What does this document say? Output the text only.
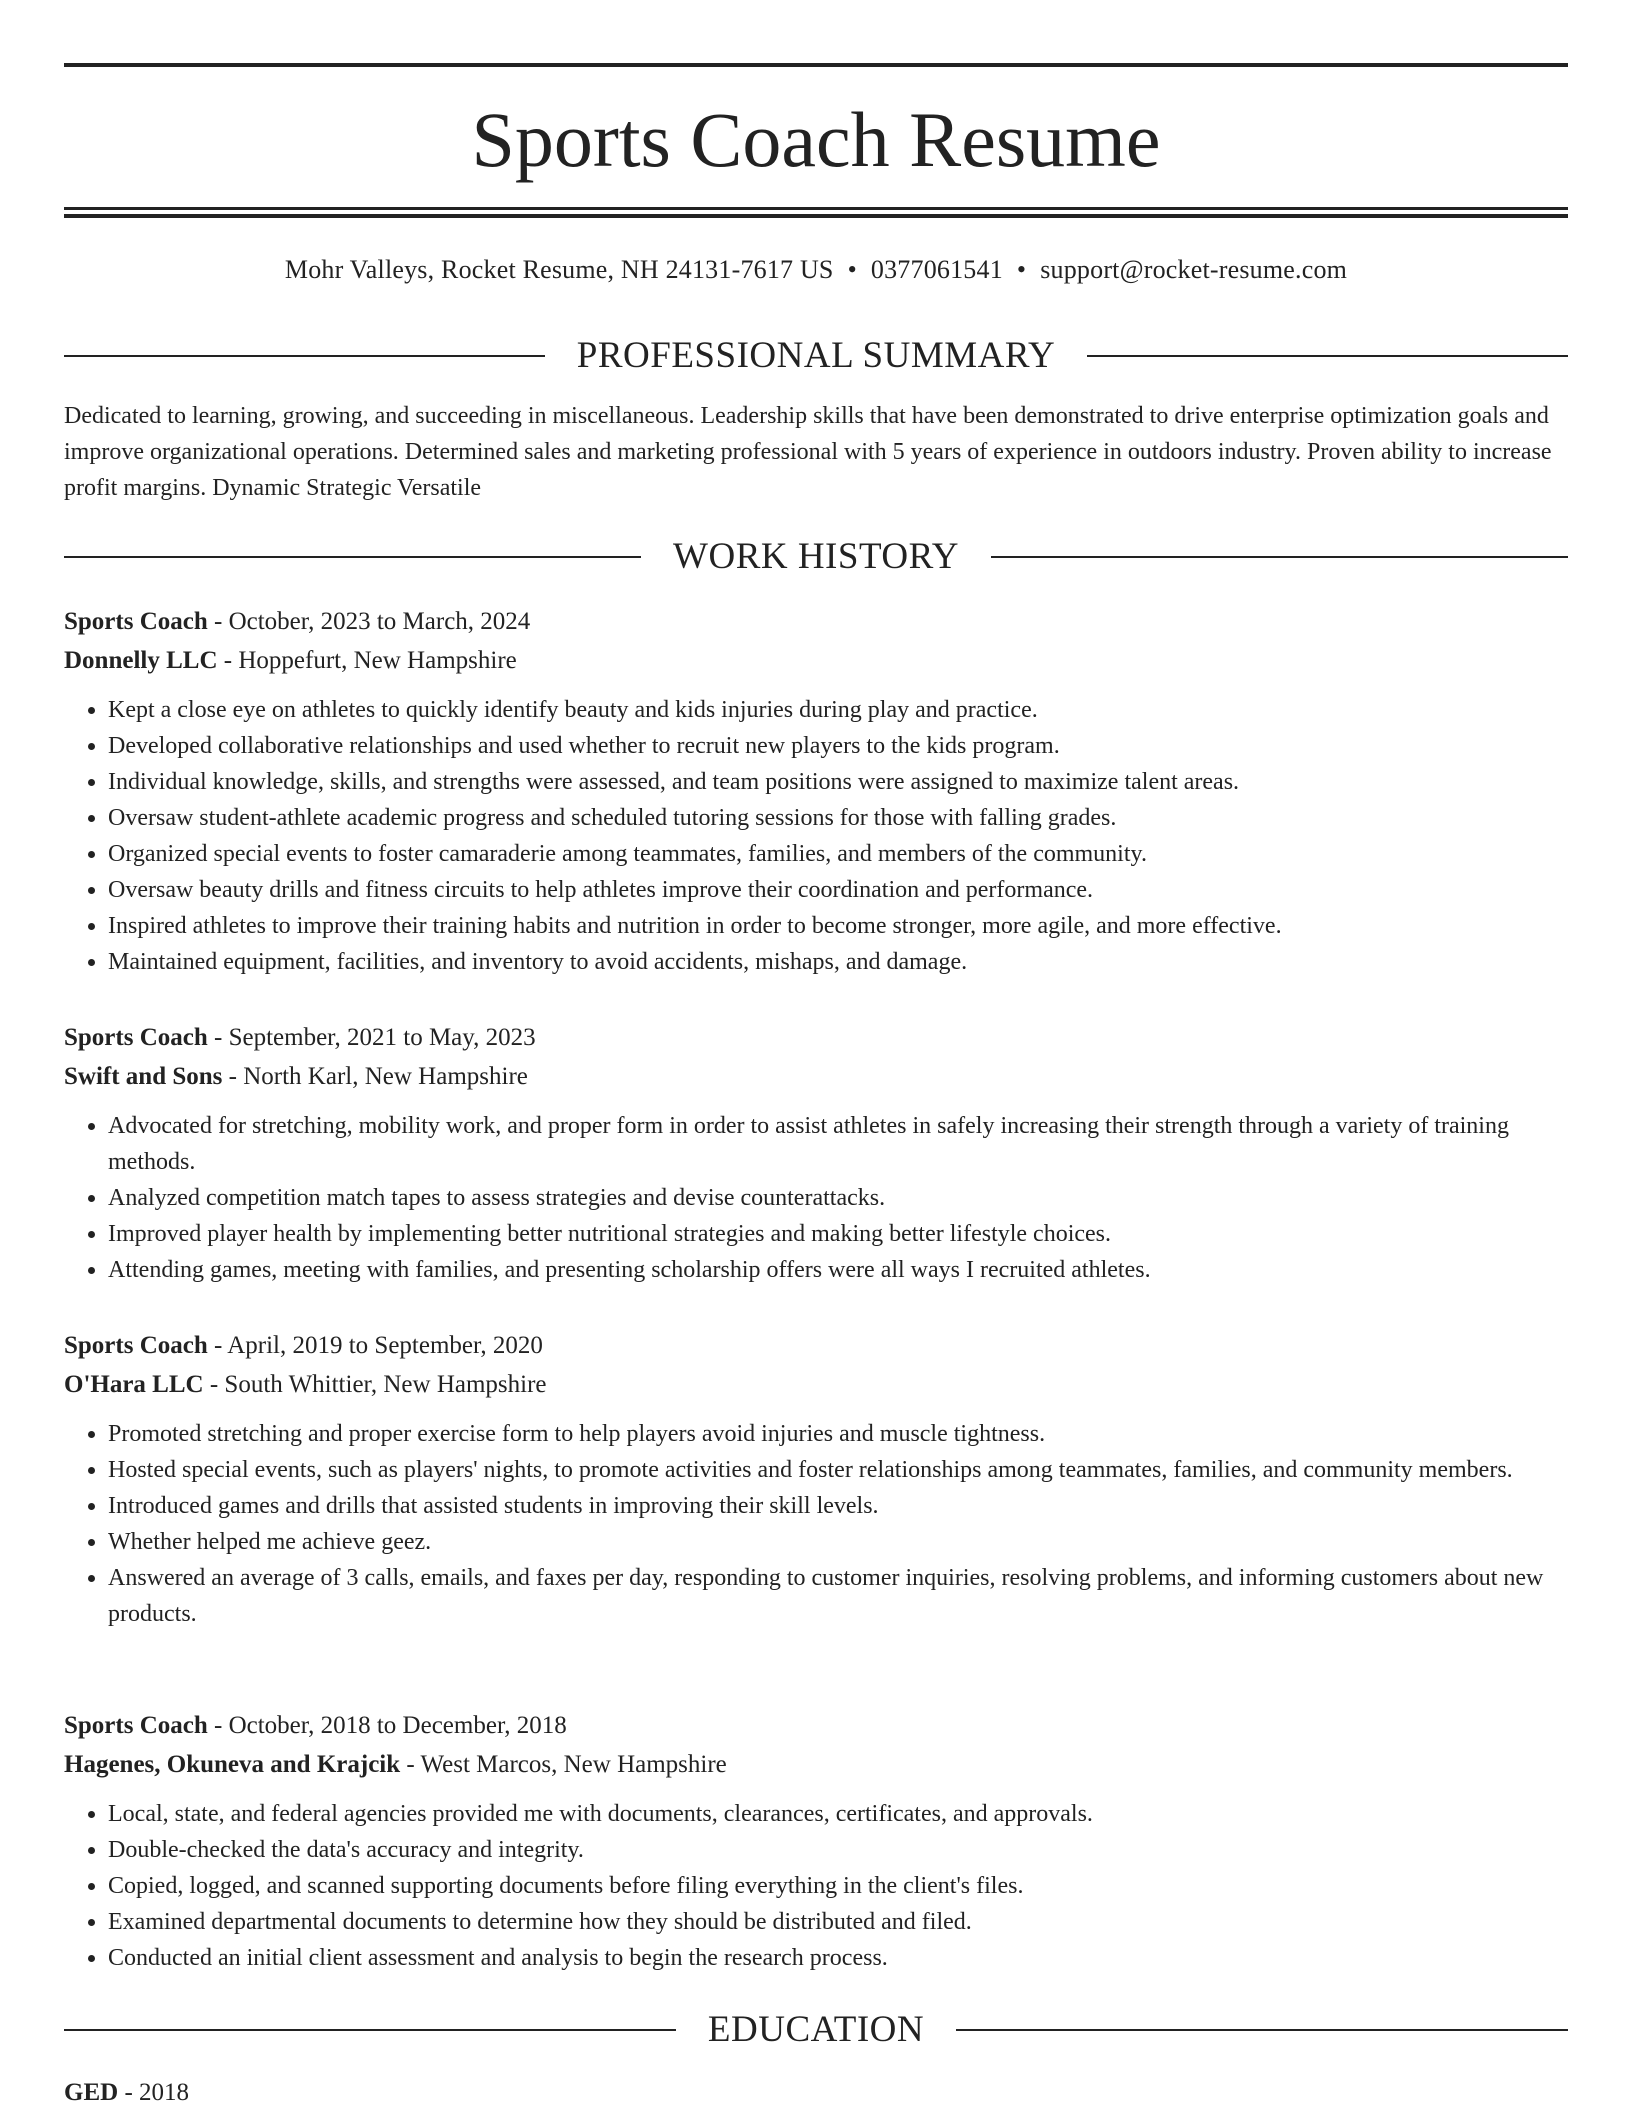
Sports Coach Resume
Mohr Valleys, Rocket Resume, NH 24131-7617 US • 0377061541 • support@rocket-resume.com
PROFESSIONAL SUMMARY

Dedicated to learning, growing, and succeeding in miscellaneous. Leadership skills that have been demonstrated to drive enterprise optimization goals and improve organizational operations. Determined sales and marketing professional with 5 years of experience in outdoors industry. Proven ability to increase profit margins. Dynamic Strategic Versatile

WORK HISTORY
Sports Coach - October, 2023 to March, 2024
Donnelly LLC - Hoppefurt, New Hampshire
• Kept a close eye on athletes to quickly identify beauty and kids injuries during play and practice.
• Developed collaborative relationships and used whether to recruit new players to the kids program.
• Individual knowledge, skills, and strengths were assessed, and team positions were assigned to maximize talent areas.
• Oversaw student-athlete academic progress and scheduled tutoring sessions for those with falling grades.
• Organized special events to foster camaraderie among teammates, families, and members of the community.
• Oversaw beauty drills and fitness circuits to help athletes improve their coordination and performance.
• Inspired athletes to improve their training habits and nutrition in order to become stronger, more agile, and more effective.
• Maintained equipment, facilities, and inventory to avoid accidents, mishaps, and damage.
Sports Coach - September, 2021 to May, 2023
Swift and Sons - North Karl, New Hampshire
• Advocated for stretching, mobility work, and proper form in order to assist athletes in safely increasing their strength through a variety of training methods.
• Analyzed competition match tapes to assess strategies and devise counterattacks.
• Improved player health by implementing better nutritional strategies and making better lifestyle choices.
• Attending games, meeting with families, and presenting scholarship offers were all ways I recruited athletes.
Sports Coach - April, 2019 to September, 2020
O'Hara LLC - South Whittier, New Hampshire
• Promoted stretching and proper exercise form to help players avoid injuries and muscle tightness.
• Hosted special events, such as players' nights, to promote activities and foster relationships among teammates, families, and community members.
• Introduced games and drills that assisted students in improving their skill levels.
• Whether helped me achieve geez.
• Answered an average of 3 calls, emails, and faxes per day, responding to customer inquiries, resolving problems, and informing customers about new products.
Sports Coach - October, 2018 to December, 2018
Hagenes, Okuneva and Krajcik - West Marcos, New Hampshire
• Local, state, and federal agencies provided me with documents, clearances, certificates, and approvals.
• Double-checked the data's accuracy and integrity.
• Copied, logged, and scanned supporting documents before filing everything in the client's files.
• Examined departmental documents to determine how they should be distributed and filed.
• Conducted an initial client assessment and analysis to begin the research process.
EDUCATION
GED - 2018
